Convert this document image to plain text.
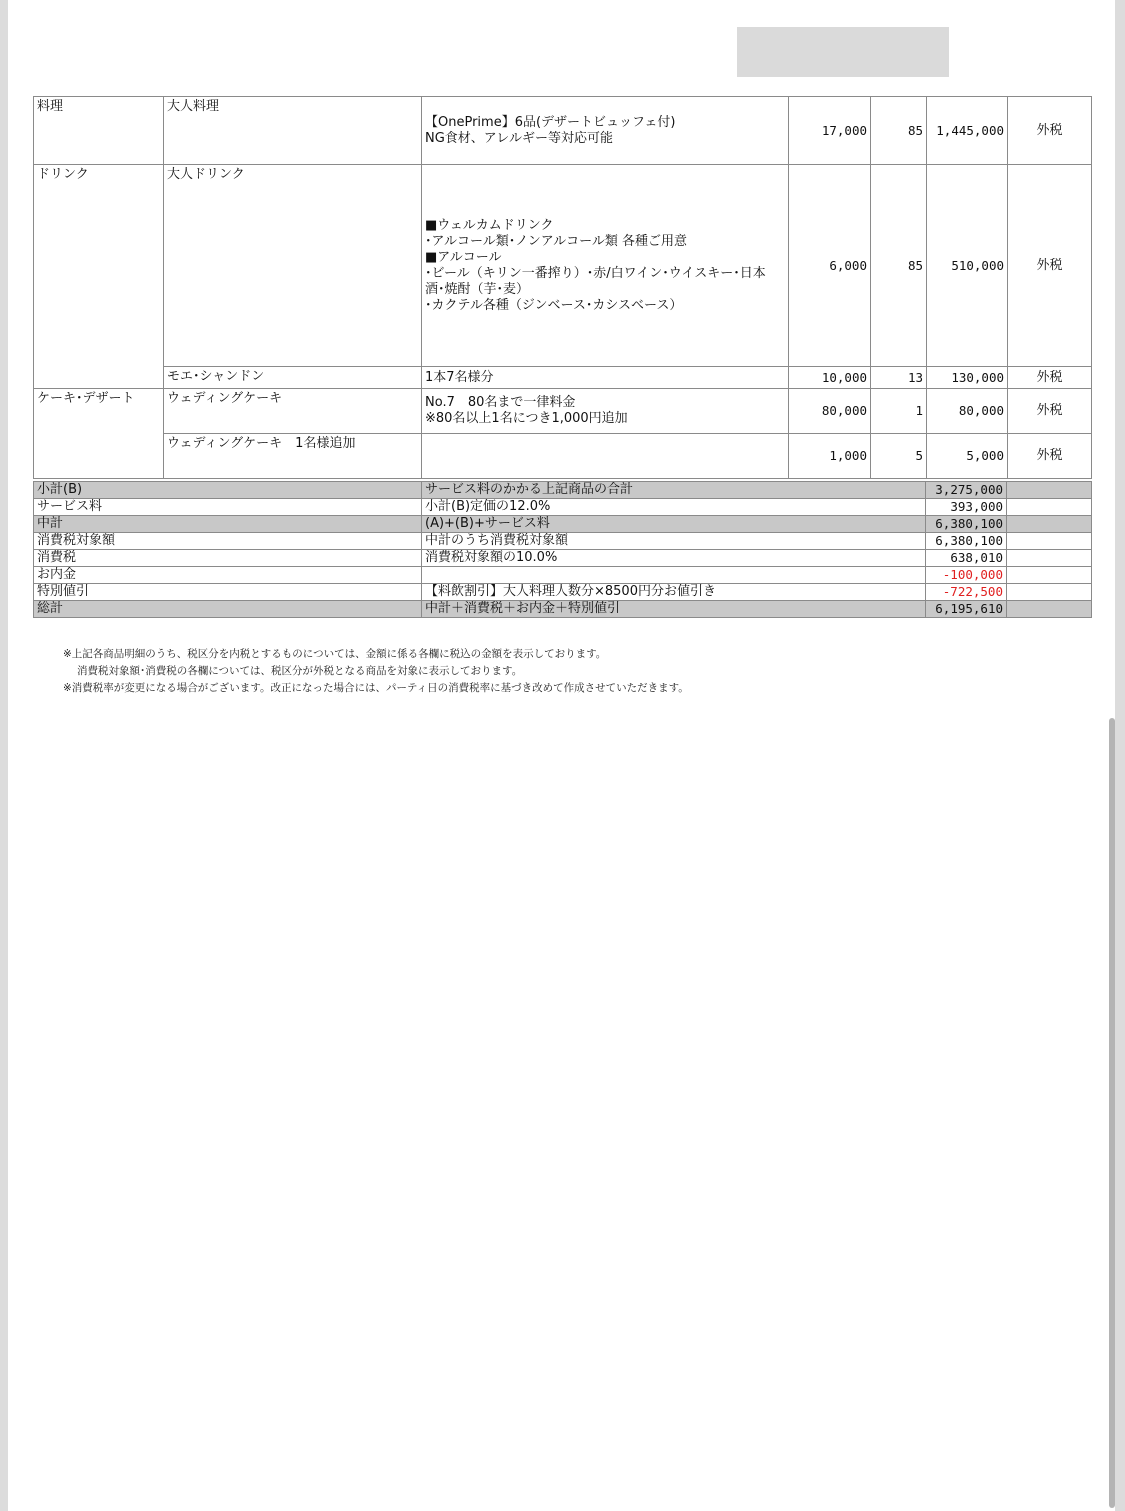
料理	大人料理	【OnePrime】6品(デザートビュッフェ付)
NG食材、アレルギー等対応可能	17,000	85	1,445,000	外税
ドリンク	大人ドリンク	■ウェルカムドリンク
･アルコール類･ノンアルコール類 各種ご用意
■アルコール
･ビール（キリン一番搾り）･赤/白ワイン･ウイスキー･日本酒･焼酎（芋･麦）
･カクテル各種（ジンベース･カシスベース）	6,000	85	510,000	外税
	モエ･シャンドン	1本7名様分	10,000	13	130,000	外税
ケーキ･デザート	ウェディングケーキ	No.7　80名まで一律料金
※80名以上1名につき1,000円追加	80,000	1	80,000	外税
	ウェディングケーキ　1名様追加		1,000	5	5,000	外税
小計(B)	サービス料のかかる上記商品の合計	3,275,000	
サービス料	小計(B)定価の12.0%	393,000	
中計	(A)+(B)+サービス料	6,380,100	
消費税対象額	中計のうち消費税対象額	6,380,100	
消費税	消費税対象額の10.0%	638,010	
お内金		-100,000	
特別値引	【料飲割引】大人料理人数分×8500円分お値引き	-722,500	
総計	中計＋消費税＋お内金＋特別値引	6,195,610	
※上記各商品明細のうち、税区分を内税とするものについては、金額に係る各欄に税込の金額を表示しております。
消費税対象額･消費税の各欄については、税区分が外税となる商品を対象に表示しております。
※消費税率が変更になる場合がございます。改正になった場合には、パーティ日の消費税率に基づき改めて作成させていただきます。
